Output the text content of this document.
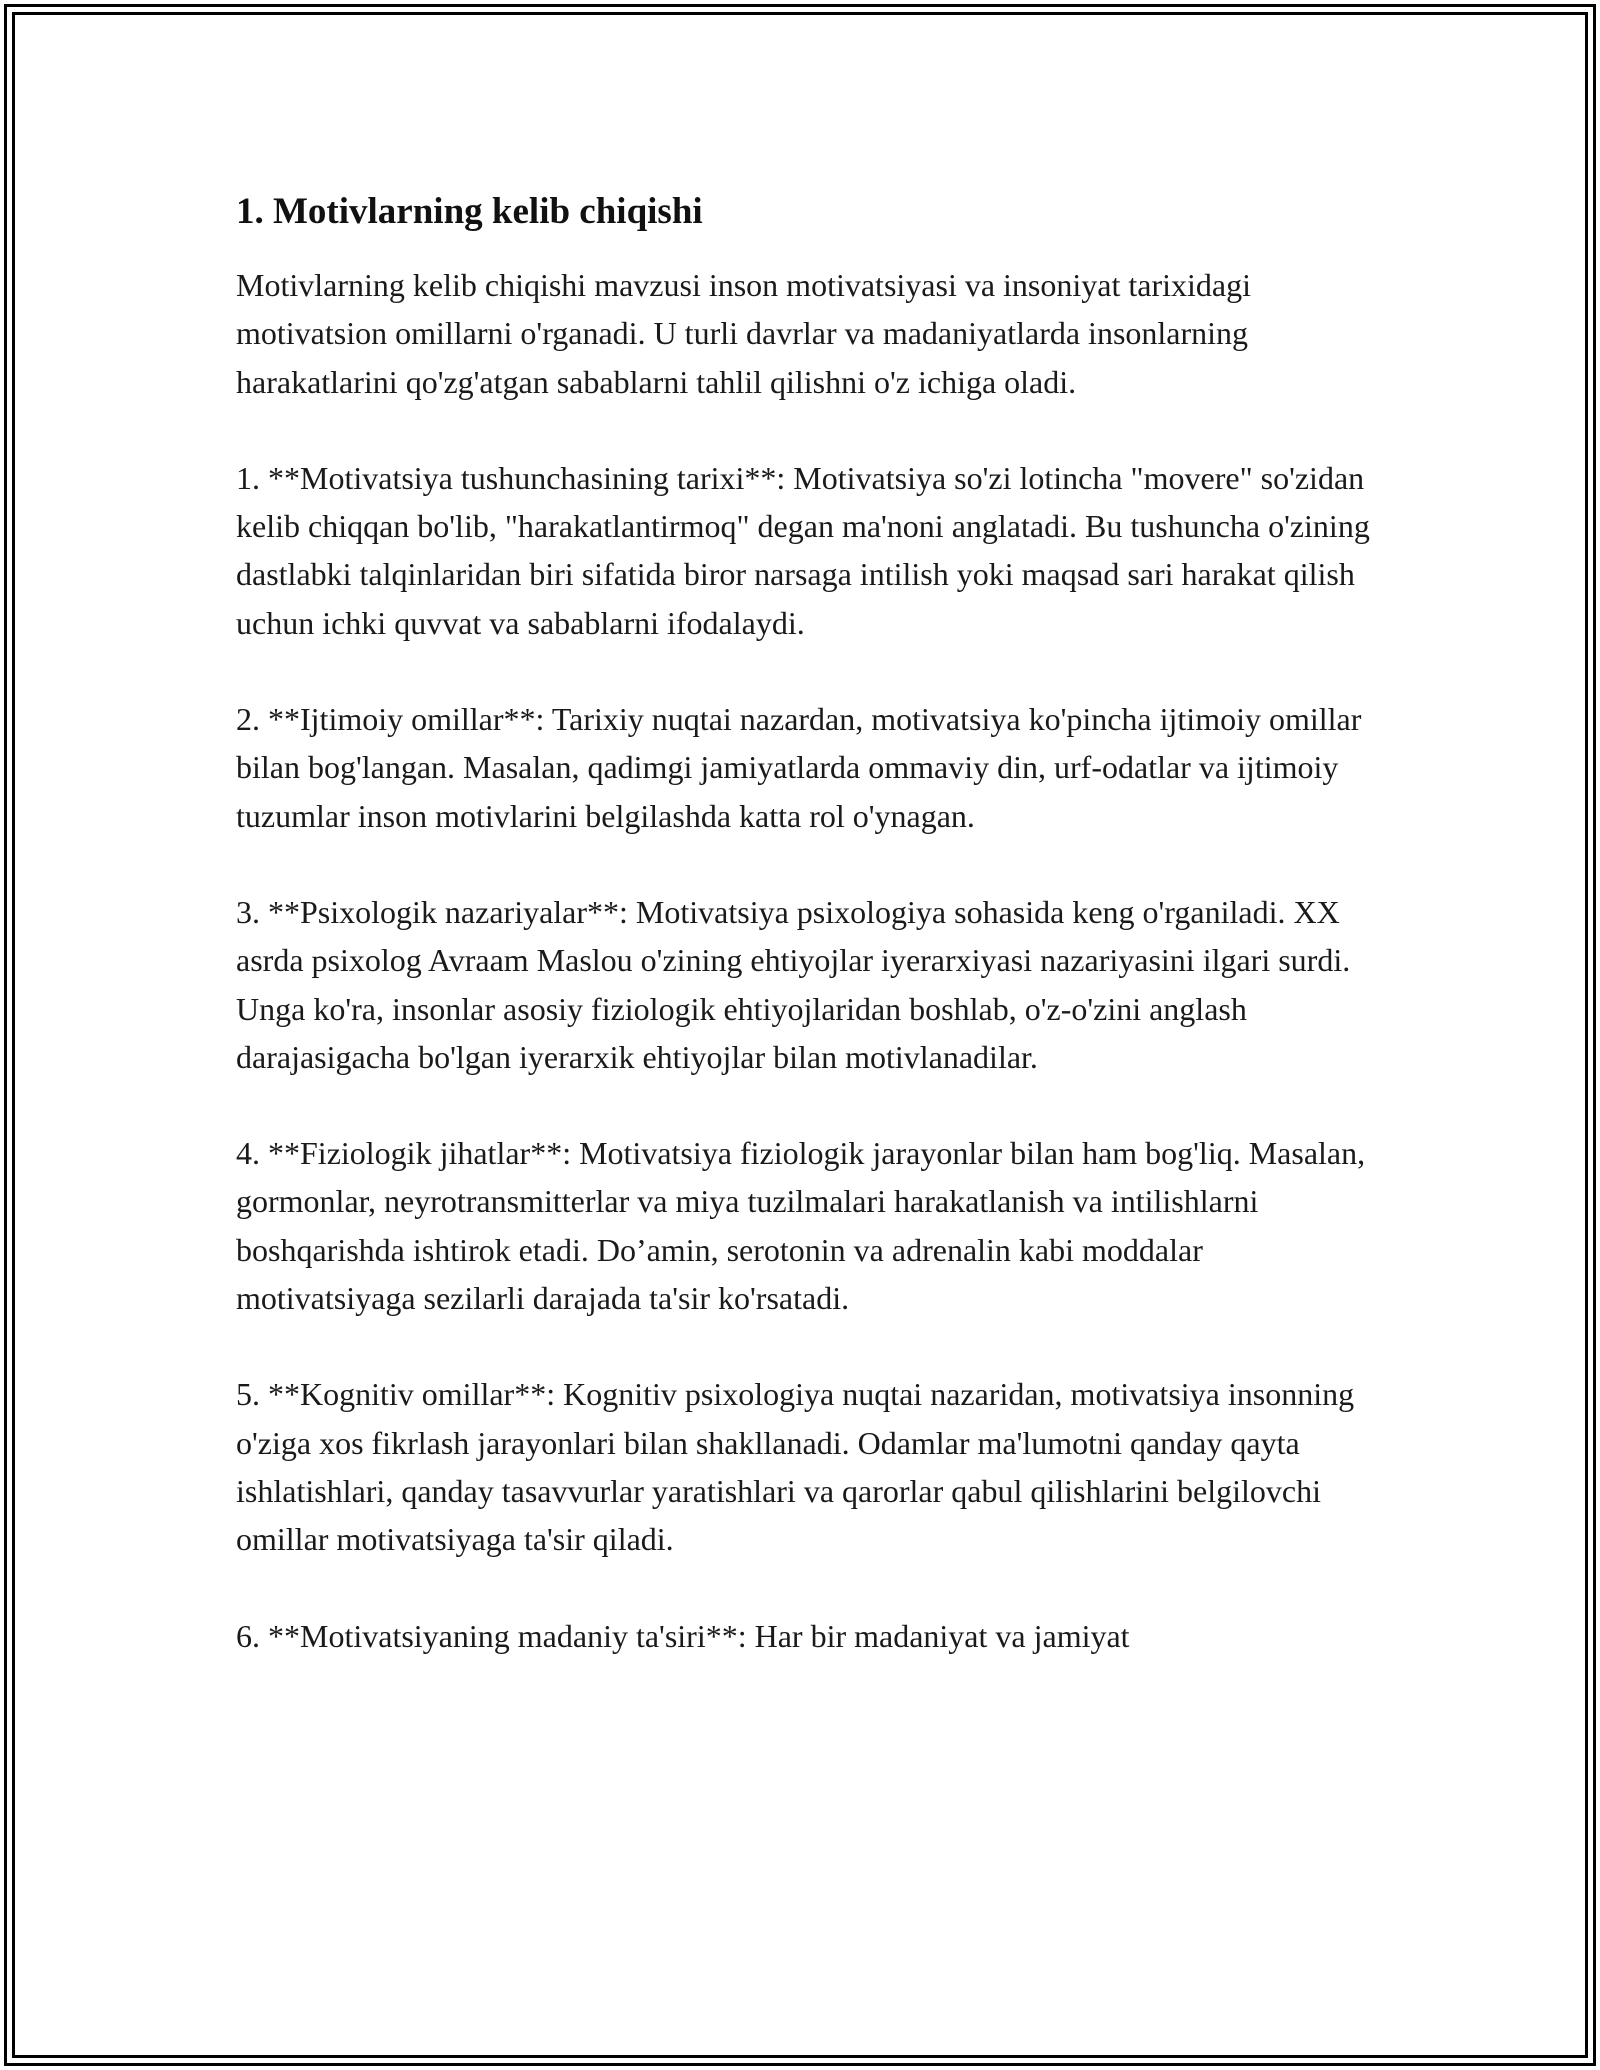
1. Motivlarning kelib chiqishi

Motivlarning kelib chiqishi mavzusi inson motivatsiyasi va insoniyat tarixidagi motivatsion omillarni o'rganadi. U turli davrlar va madaniyatlarda insonlarning harakatlarini qo'zg'atgan sabablarni tahlil qilishni o'z ichiga oladi.

1. **Motivatsiya tushunchasining tarixi**: Motivatsiya so'zi lotincha "movere" so'zidan kelib chiqqan bo'lib, "harakatlantirmoq" degan ma'noni anglatadi. Bu tushuncha o'zining dastlabki talqinlaridan biri sifatida biror narsaga intilish yoki maqsad sari harakat qilish uchun ichki quvvat va sabablarni ifodalaydi.

2. **Ijtimoiy omillar**: Tarixiy nuqtai nazardan, motivatsiya ko'pincha ijtimoiy omillar bilan bog'langan. Masalan, qadimgi jamiyatlarda ommaviy din, urf-odatlar va ijtimoiy tuzumlar inson motivlarini belgilashda katta rol o'ynagan.

3. **Psixologik nazariyalar**: Motivatsiya psixologiya sohasida keng o'rganiladi. XX asrda psixolog Avraam Maslou o'zining ehtiyojlar iyerarxiyasi nazariyasini ilgari surdi. Unga ko'ra, insonlar asosiy fiziologik ehtiyojlaridan boshlab, o'z-o'zini anglash darajasigacha bo'lgan iyerarxik ehtiyojlar bilan motivlanadilar.

4. **Fiziologik jihatlar**: Motivatsiya fiziologik jarayonlar bilan ham bog'liq. Masalan, gormonlar, neyrotransmitterlar va miya tuzilmalari harakatlanish va intilishlarni boshqarishda ishtirok etadi. Do’amin, serotonin va adrenalin kabi moddalar motivatsiyaga sezilarli darajada ta'sir ko'rsatadi.

5. **Kognitiv omillar**: Kognitiv psixologiya nuqtai nazaridan, motivatsiya insonning o'ziga xos fikrlash jarayonlari bilan shakllanadi. Odamlar ma'lumotni qanday qayta ishlatishlari, qanday tasavvurlar yaratishlari va qarorlar qabul qilishlarini belgilovchi omillar motivatsiyaga ta'sir qiladi.

6. **Motivatsiyaning madaniy ta'siri**: Har bir madaniyat va jamiyat
